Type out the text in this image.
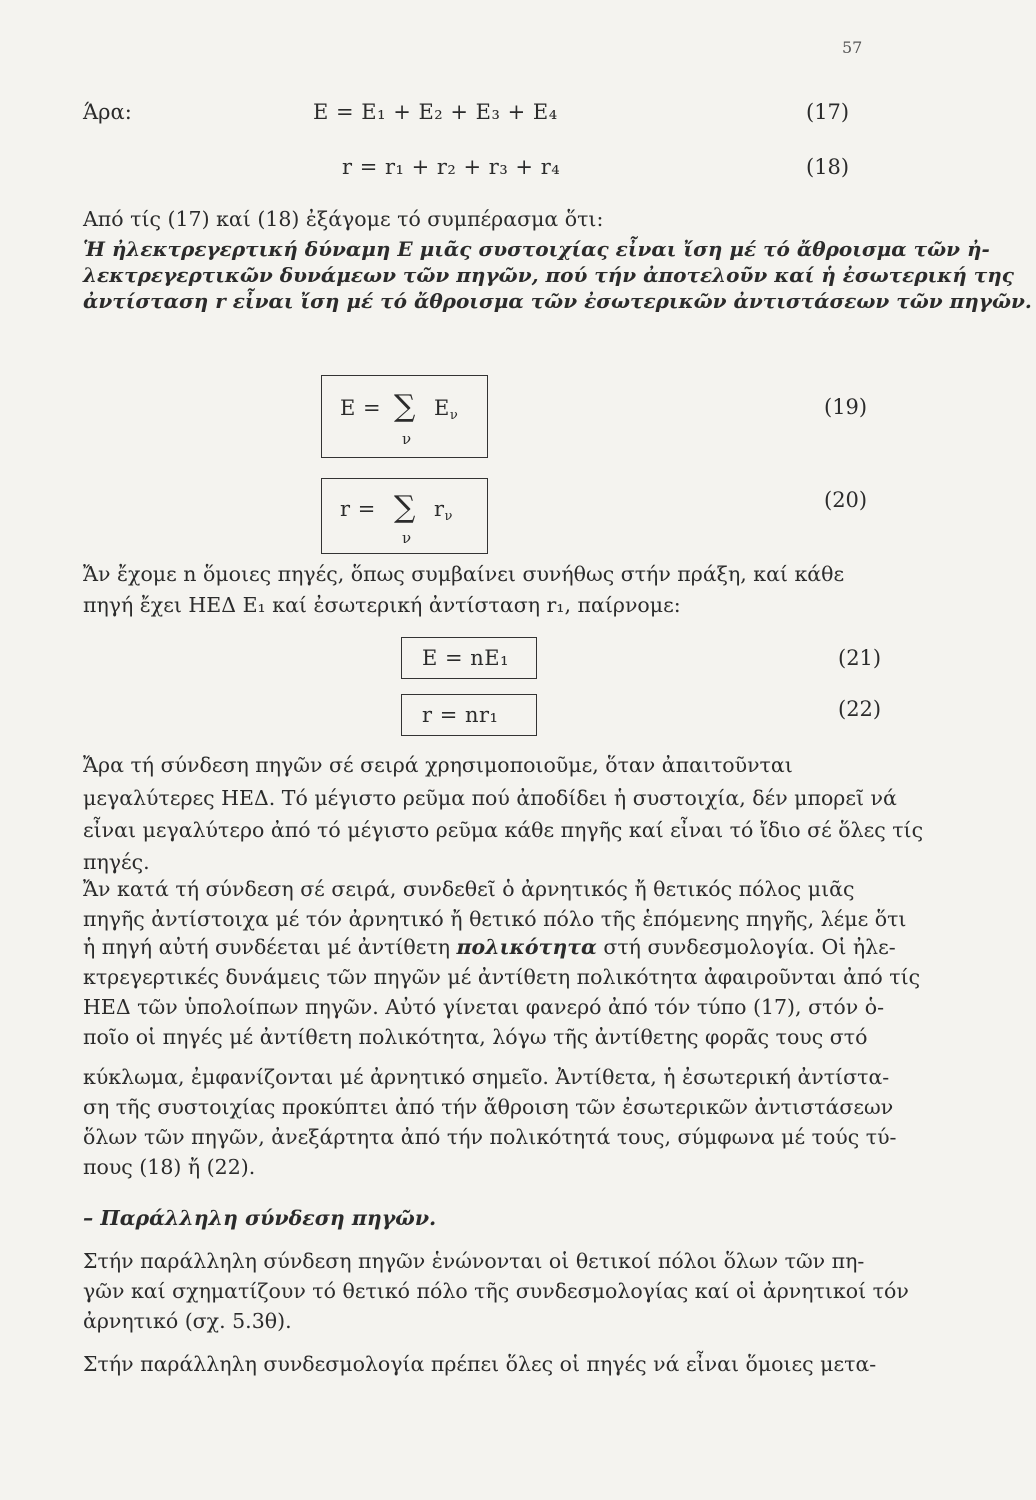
57
Άρα:	E = E₁ + E₂ + E₃ + E₄	(17)
r = r₁ + r₂ + r₃ + r₄	(18)
Από τίς (17) καί (18) ἐξάγομε τό συμπέρασμα ὅτι:
Ἡ ἠλεκτρεγερτική δύναμη E μιᾶς συστοιχίας εἶναι ἴση μέ τό ἄθροισμα τῶν ἠ-
λεκτρεγερτικῶν δυνάμεων τῶν πηγῶν, πού τήν ἀποτελοῦν καί ἡ ἐσωτερική της
ἀντίσταση r εἶναι ἴση μέ τό ἄθροισμα τῶν ἐσωτερικῶν ἀντιστάσεων τῶν πηγῶν.
E = ∑ $E_\nu$
ν
(19)
r = ∑ $r_\nu$
ν
(20)
Ἄν ἔχομε n ὅμοιες πηγές, ὅπως συμβαίνει συνήθως στήν πράξη, καί κάθε
πηγή ἔχει ΗΕΔ E₁ καί ἐσωτερική ἀντίσταση r₁, παίρνομε:
E = nE₁	(21)
r = nr₁	(22)
Ἄρα τή σύνδεση πηγῶν σέ σειρά χρησιμοποιοῦμε, ὅταν ἀπαιτοῦνται
μεγαλύτερες ΗΕΔ. Τό μέγιστο ρεῦμα πού ἀποδίδει ἡ συστοιχία, δέν μπορεῖ νά
εἶναι μεγαλύτερο ἀπό τό μέγιστο ρεῦμα κάθε πηγῆς καί εἶναι τό ἴδιο σέ ὅλες τίς
πηγές.
Ἄν κατά τή σύνδεση σέ σειρά, συνδεθεῖ ὁ ἀρνητικός ἤ θετικός πόλος μιᾶς
πηγῆς ἀντίστοιχα μέ τόν ἀρνητικό ἤ θετικό πόλο τῆς ἑπόμενης πηγῆς, λέμε ὅτι
ἡ πηγή αὐτή συνδέεται μέ ἀντίθετη πολικότητα στή συνδεσμολογία. Οἱ ἠλε-
κτρεγερτικές δυνάμεις τῶν πηγῶν μέ ἀντίθετη πολικότητα ἀφαιροῦνται ἀπό τίς
ΗΕΔ τῶν ὑπολοίπων πηγῶν. Αὐτό γίνεται φανερό ἀπό τόν τύπο (17), στόν ὁ-
ποῖο οἱ πηγές μέ ἀντίθετη πολικότητα, λόγω τῆς ἀντίθετης φορᾶς τους στό
κύκλωμα, ἐμφανίζονται μέ ἀρνητικό σημεῖο. Ἀντίθετα, ἡ ἐσωτερική ἀντίστα-
ση τῆς συστοιχίας προκύπτει ἀπό τήν ἄθροιση τῶν ἐσωτερικῶν ἀντιστάσεων
ὅλων τῶν πηγῶν, ἀνεξάρτητα ἀπό τήν πολικότητά τους, σύμφωνα μέ τούς τύ-
πους (18) ἤ (22).
– Παράλληλη σύνδεση πηγῶν.
Στήν παράλληλη σύνδεση πηγῶν ἑνώνονται οἱ θετικοί πόλοι ὅλων τῶν πη-
γῶν καί σχηματίζουν τό θετικό πόλο τῆς συνδεσμολογίας καί οἱ ἀρνητικοί τόν
ἀρνητικό (σχ. 5.3θ).
Στήν παράλληλη συνδεσμολογία πρέπει ὅλες οἱ πηγές νά εἶναι ὅμοιες μετα-
